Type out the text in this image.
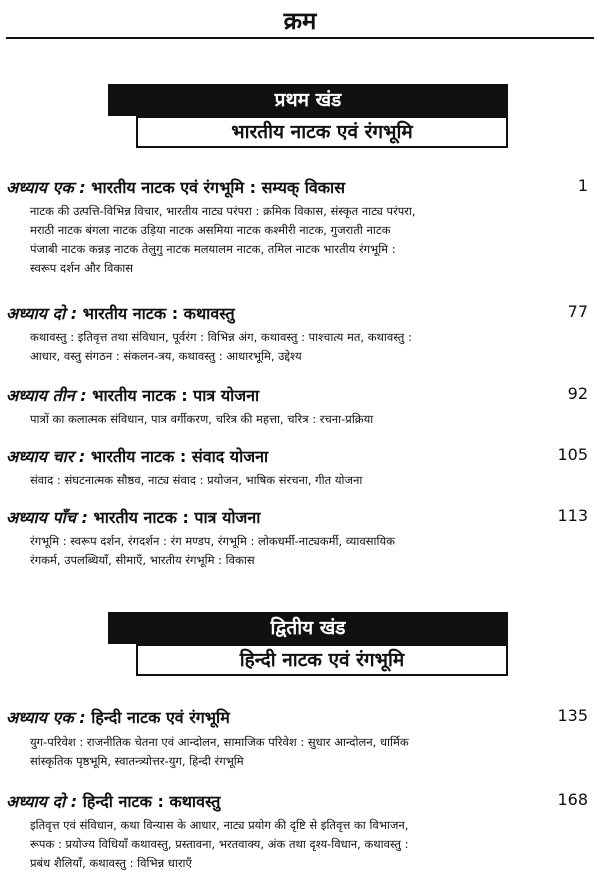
क्रम
प्रथम खंड
भारतीय नाटक एवं रंगभूमि
अध्याय एक : भारतीय नाटक एवं रंगभूमि : सम्यक् विकास	1
नाटक की उत्पत्ति-विभिन्न विचार, भारतीय नाट्य परंपरा : क्रमिक विकास, संस्कृत नाट्य परंपरा,
मराठी नाटक बंगला नाटक उड़िया नाटक असमिया नाटक कश्मीरी नाटक, गुजराती नाटक
पंजाबी नाटक कन्नड़ नाटक तेलुगु नाटक मलयालम नाटक, तमिल नाटक भारतीय रंगभूमि :
स्वरूप दर्शन और विकास
अध्याय दो : भारतीय नाटक : कथावस्तु	77
कथावस्तु : इतिवृत्त तथा संविधान, पूर्वरंग : विभिन्न अंग, कथावस्तु : पाश्चात्य मत, कथावस्तु :
आधार, वस्तु संगठन : संकलन-त्रय, कथावस्तु : आधारभूमि, उद्देश्य
अध्याय तीन : भारतीय नाटक : पात्र योजना	92
पात्रों का कलात्मक संविधान, पात्र वर्गीकरण, चरित्र की महत्ता, चरित्र : रचना-प्रक्रिया
अध्याय चार : भारतीय नाटक : संवाद योजना	105
संवाद : संघटनात्मक सौष्ठव, नाट्य संवाद : प्रयोजन, भाषिक संरचना, गीत योजना
अध्याय पाँच : भारतीय नाटक : पात्र योजना	113
रंगभूमि : स्वरूप दर्शन, रंगदर्शन : रंग मण्डप, रंगभूमि : लोकधर्मी-नाट्यकर्मी, व्यावसायिक
रंगकर्म, उपलब्धियाँ, सीमाएँ, भारतीय रंगभूमि : विकास
द्वितीय खंड
हिन्दी नाटक एवं रंगभूमि
अध्याय एक : हिन्दी नाटक एवं रंगभूमि	135
युग-परिवेश : राजनीतिक चेतना एवं आन्दोलन, सामाजिक परिवेश : सुधार आन्दोलन, धार्मिक
सांस्कृतिक पृष्ठभूमि, स्वातन्त्र्योत्तर-युग, हिन्दी रंगभूमि
अध्याय दो : हिन्दी नाटक : कथावस्तु	168
इतिवृत्त एवं संविधान, कथा विन्यास के आधार, नाट्य प्रयोग की दृष्टि से इतिवृत्त का विभाजन,
रूपक : प्रयोज्य विधियाँ कथावस्तु, प्रस्तावना, भरतवाक्य, अंक तथा दृश्य-विधान, कथावस्तु :
प्रबंध शैलियाँ, कथावस्तु : विभिन्न धाराएँ
